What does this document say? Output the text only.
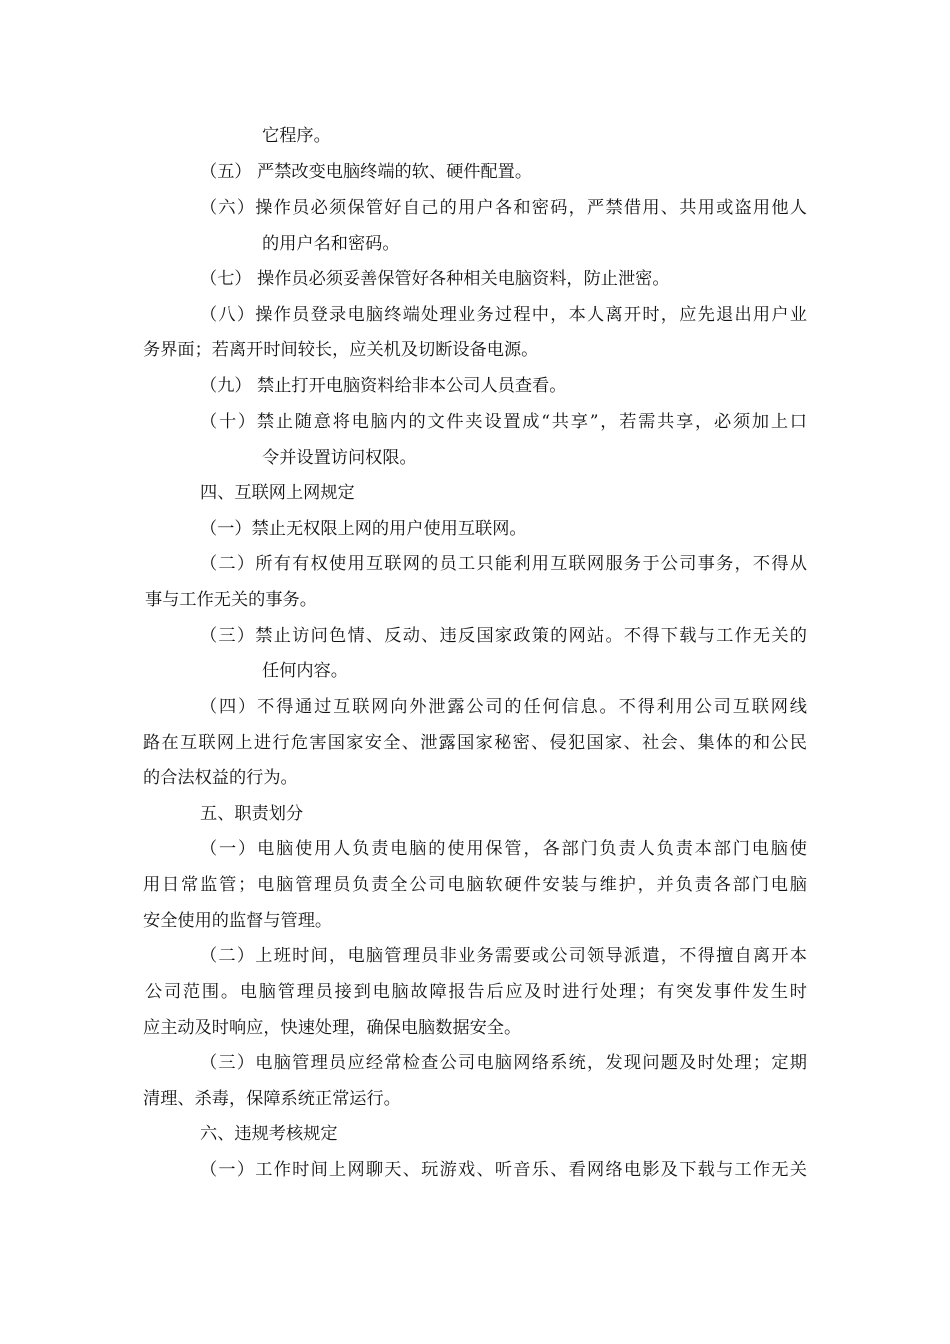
它程序。

（五） 严禁改变电脑终端的软、硬件配置。

（六）操作员必须保管好自己的用户各和密码，严禁借用、共用或盗用他人

的用户名和密码。

（七） 操作员必须妥善保管好各种相关电脑资料，防止泄密。

（八）操作员登录电脑终端处理业务过程中，本人离开时，应先退出用户业

务界面；若离开时间较长，应关机及切断设备电源。

（九） 禁止打开电脑资料给非本公司人员查看。

（十）禁止随意将电脑内的文件夹设置成“共享”，若需共享，必须加上口

令并设置访问权限。

四、互联网上网规定

（一）禁止无权限上网的用户使用互联网。

（二）所有有权使用互联网的员工只能利用互联网服务于公司事务，不得从

事与工作无关的事务。

（三）禁止访问色情、反动、违反国家政策的网站。不得下载与工作无关的

任何内容。

（四）不得通过互联网向外泄露公司的任何信息。不得利用公司互联网线

路在互联网上进行危害国家安全、泄露国家秘密、侵犯国家、社会、集体的和公民

的合法权益的行为。

五、职责划分

（一）电脑使用人负责电脑的使用保管，各部门负责人负责本部门电脑使

用日常监管；电脑管理员负责全公司电脑软硬件安装与维护，并负责各部门电脑

安全使用的监督与管理。

（二）上班时间，电脑管理员非业务需要或公司领导派遣，不得擅自离开本

公司范围。电脑管理员接到电脑故障报告后应及时进行处理；有突发事件发生时

应主动及时响应，快速处理，确保电脑数据安全。

（三）电脑管理员应经常检查公司电脑网络系统，发现问题及时处理；定期

清理、杀毒，保障系统正常运行。

六、违规考核规定

（一）工作时间上网聊天、玩游戏、听音乐、看网络电影及下载与工作无关
